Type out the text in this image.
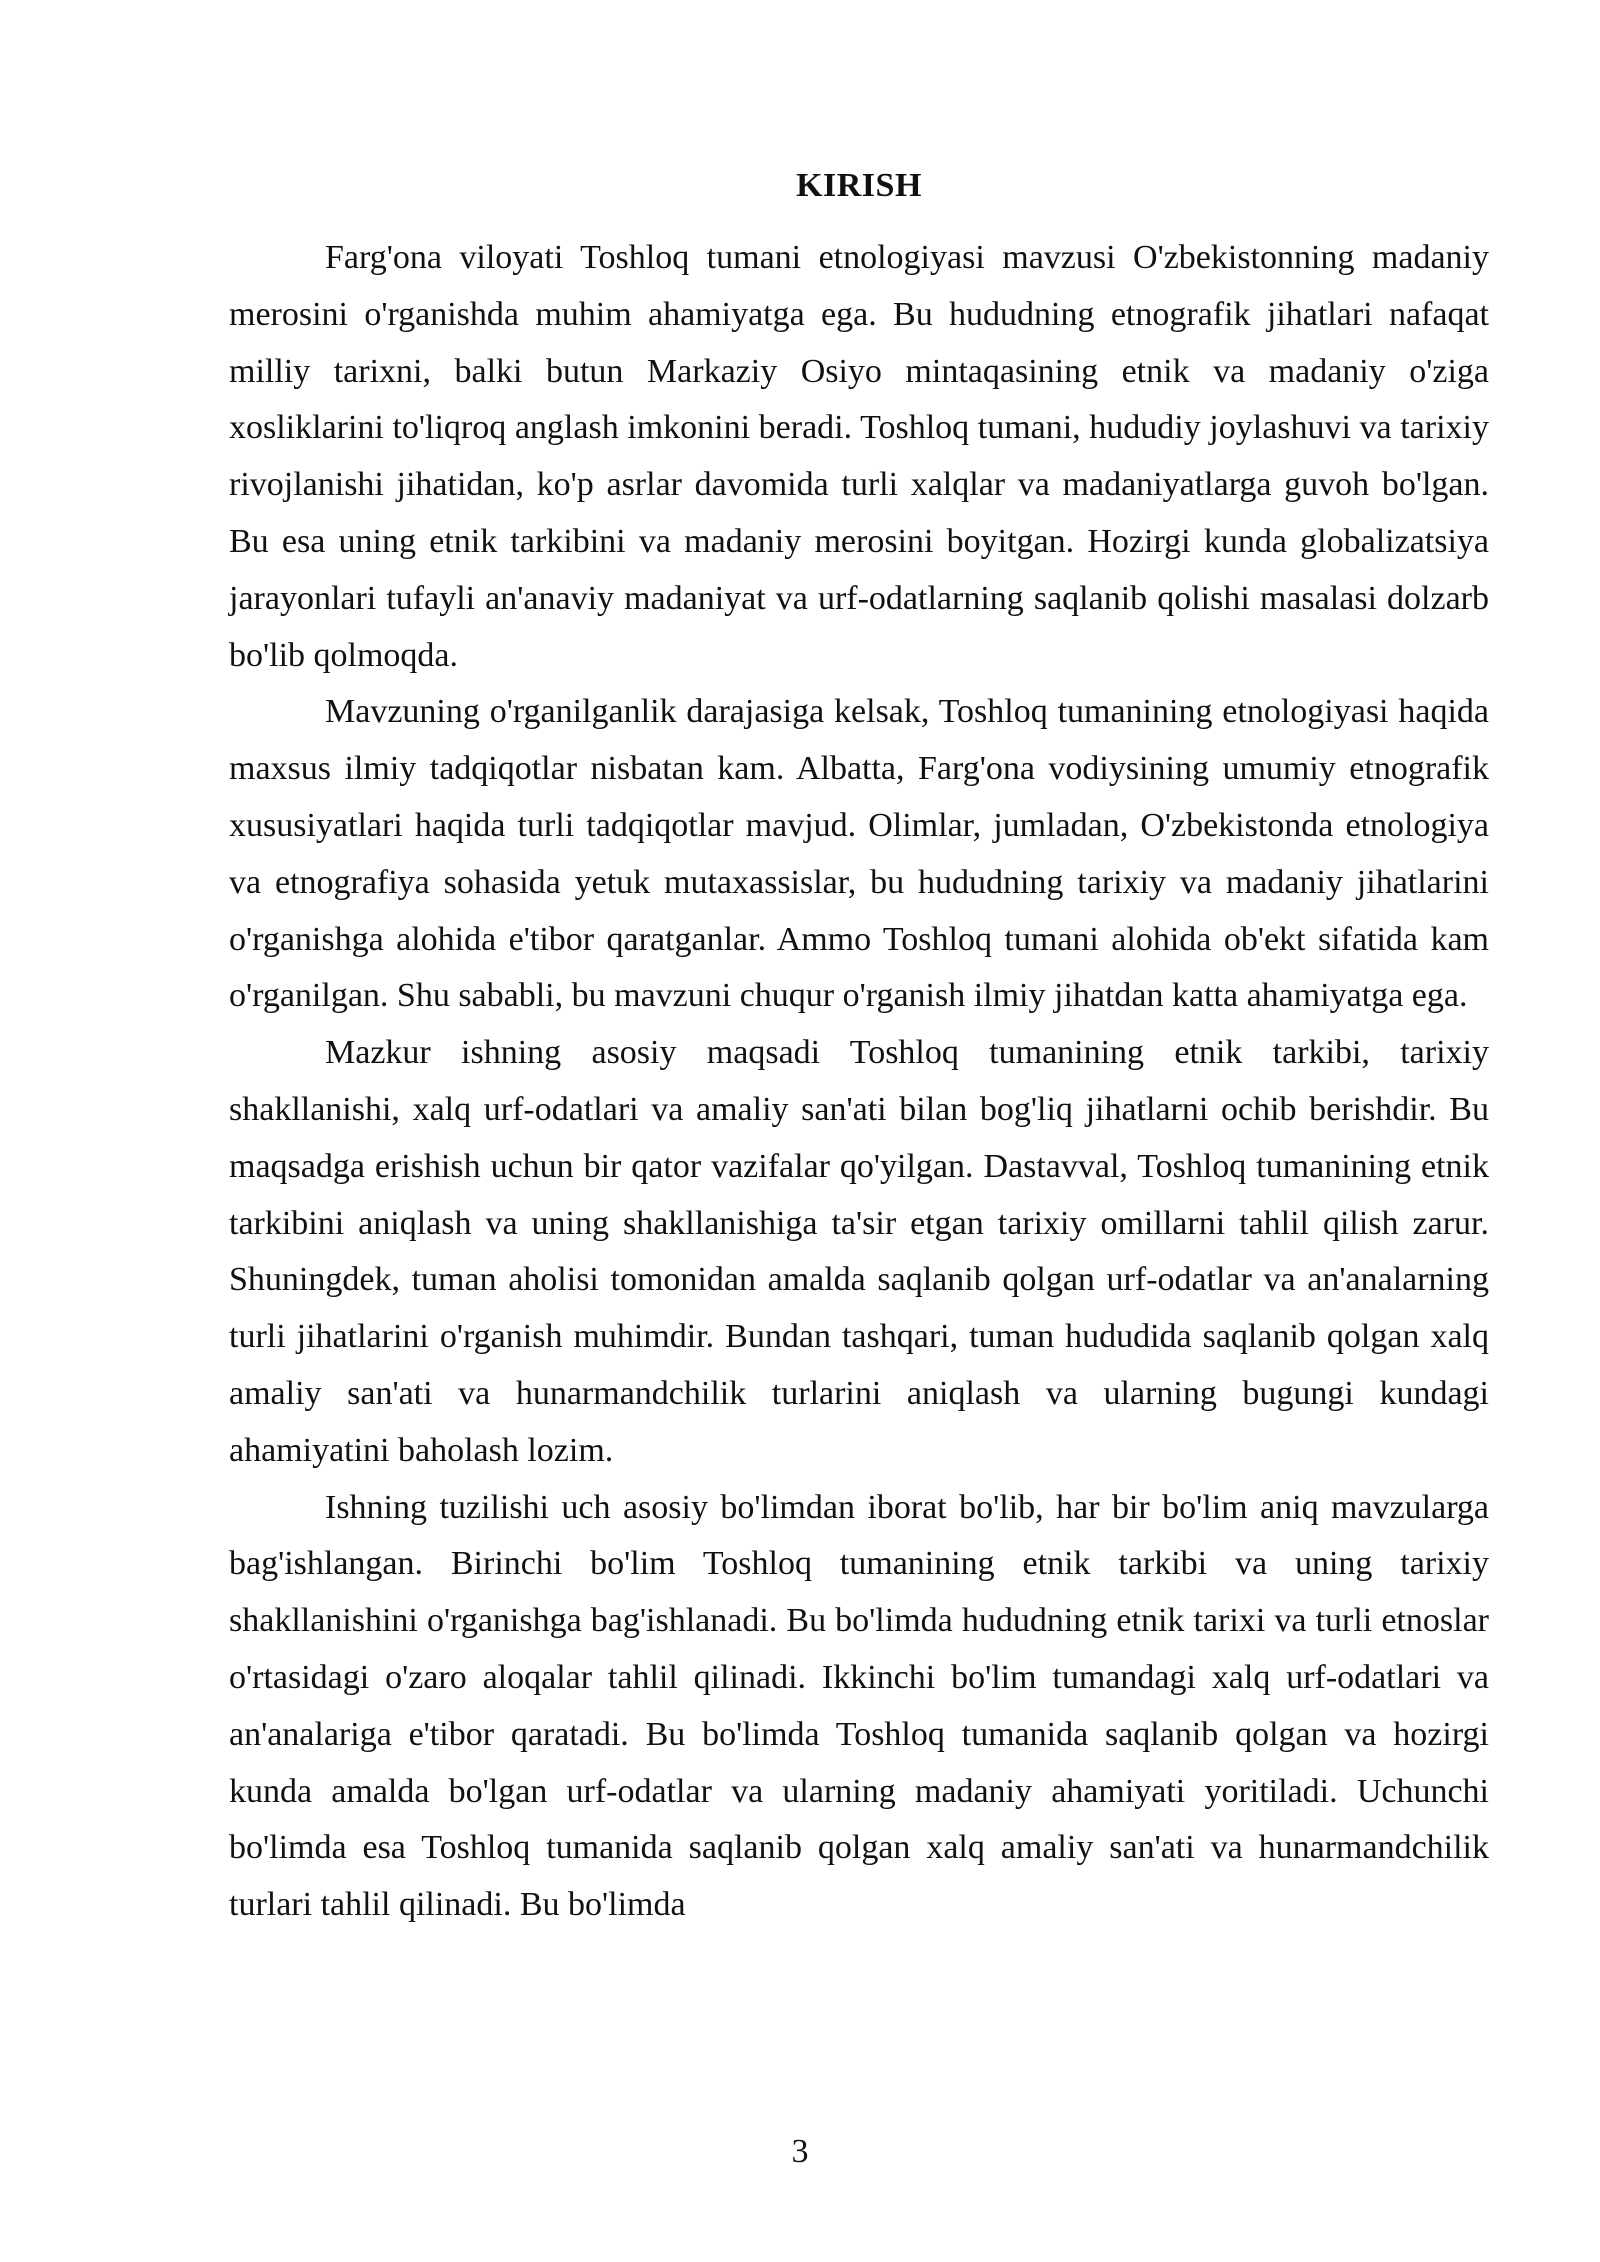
KIRISH

Farg'ona viloyati Toshloq tumani etnologiyasi mavzusi O'zbekistonning madaniy merosini o'rganishda muhim ahamiyatga ega. Bu hududning etnografik jihatlari nafaqat milliy tarixni, balki butun Markaziy Osiyo mintaqasining etnik va madaniy o'ziga xosliklarini to'liqroq anglash imkonini beradi. Toshloq tumani, hududiy joylashuvi va tarixiy rivojlanishi jihatidan, ko'p asrlar davomida turli xalqlar va madaniyatlarga guvoh bo'lgan. Bu esa uning etnik tarkibini va madaniy merosini boyitgan. Hozirgi kunda globalizatsiya jarayonlari tufayli an'anaviy madaniyat va urf-odatlarning saqlanib qolishi masalasi dolzarb bo'lib qolmoqda.

Mavzuning o'rganilganlik darajasiga kelsak, Toshloq tumanining etnologiyasi haqida maxsus ilmiy tadqiqotlar nisbatan kam. Albatta, Farg'ona vodiysining umumiy etnografik xususiyatlari haqida turli tadqiqotlar mavjud. Olimlar, jumladan, O'zbekistonda etnologiya va etnografiya sohasida yetuk mutaxassislar, bu hududning tarixiy va madaniy jihatlarini o'rganishga alohida e'tibor qaratganlar. Ammo Toshloq tumani alohida ob'ekt sifatida kam o'rganilgan. Shu sababli, bu mavzuni chuqur o'rganish ilmiy jihatdan katta ahamiyatga ega.

Mazkur ishning asosiy maqsadi Toshloq tumanining etnik tarkibi, tarixiy shakllanishi, xalq urf-odatlari va amaliy san'ati bilan bog'liq jihatlarni ochib berishdir. Bu maqsadga erishish uchun bir qator vazifalar qo'yilgan. Dastavval, Toshloq tumanining etnik tarkibini aniqlash va uning shakllanishiga ta'sir etgan tarixiy omillarni tahlil qilish zarur. Shuningdek, tuman aholisi tomonidan amalda saqlanib qolgan urf-odatlar va an'analarning turli jihatlarini o'rganish muhimdir. Bundan tashqari, tuman hududida saqlanib qolgan xalq amaliy san'ati va hunarmandchilik turlarini aniqlash va ularning bugungi kundagi ahamiyatini baholash lozim.

Ishning tuzilishi uch asosiy bo'limdan iborat bo'lib, har bir bo'lim aniq mavzularga bag'ishlangan. Birinchi bo'lim Toshloq tumanining etnik tarkibi va uning tarixiy shakllanishini o'rganishga bag'ishlanadi. Bu bo'limda hududning etnik tarixi va turli etnoslar o'rtasidagi o'zaro aloqalar tahlil qilinadi. Ikkinchi bo'lim tumandagi xalq urf-odatlari va an'analariga e'tibor qaratadi. Bu bo'limda Toshloq tumanida saqlanib qolgan va hozirgi kunda amalda bo'lgan urf-odatlar va ularning madaniy ahamiyati yoritiladi. Uchunchi bo'limda esa Toshloq tumanida saqlanib qolgan xalq amaliy san'ati va hunarmandchilik turlari tahlil qilinadi. Bu bo'limda

3
